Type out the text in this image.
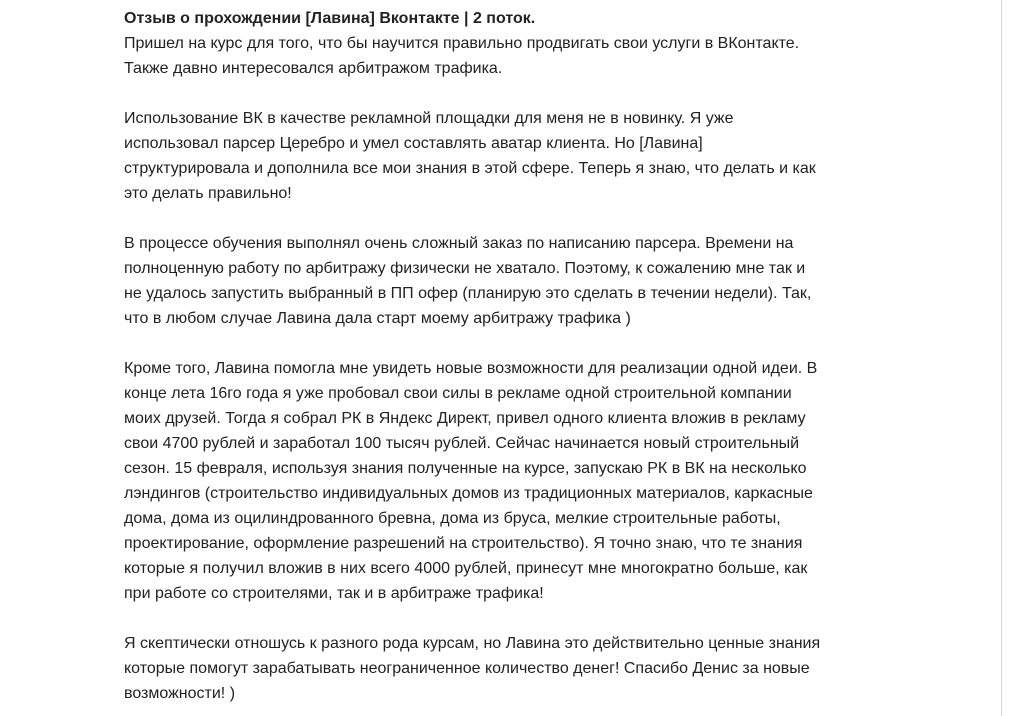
Отзыв о прохождении [Лавина] Вконтакте | 2 поток.

Пришел на курс для того, что бы научится правильно продвигать свои услуги в ВКонтакте.
Также давно интересовался арбитражом трафика.

Использование ВК в качестве рекламной площадки для меня не в новинку. Я уже
использовал парсер Церебро и умел составлять аватар клиента. Но [Лавина]
структурировала и дополнила все мои знания в этой сфере. Теперь я знаю, что делать и как
это делать правильно!

В процессе обучения выполнял очень сложный заказ по написанию парсера. Времени на
полноценную работу по арбитражу физически не хватало. Поэтому, к сожалению мне так и
не удалось запустить выбранный в ПП офер (планирую это сделать в течении недели). Так,
что в любом случае Лавина дала старт моему арбитражу трафика )

Кроме того, Лавина помогла мне увидеть новые возможности для реализации одной идеи. В
конце лета 16го года я уже пробовал свои силы в рекламе одной строительной компании
моих друзей. Тогда я собрал РК в Яндекс Директ, привел одного клиента вложив в рекламу
свои 4700 рублей и заработал 100 тысяч рублей. Сейчас начинается новый строительный
сезон. 15 февраля, используя знания полученные на курсе, запускаю РК в ВК на несколько
лэндингов (строительство индивидуальных домов из традиционных материалов, каркасные
дома, дома из оцилиндрованного бревна, дома из бруса, мелкие строительные работы,
проектирование, оформление разрешений на строительство). Я точно знаю, что те знания
которые я получил вложив в них всего 4000 рублей, принесут мне многократно больше, как
при работе со строителями, так и в арбитраже трафика!

Я скептически отношусь к разного рода курсам, но Лавина это действительно ценные знания
которые помогут зарабатывать неограниченное количество денег! Спасибо Денис за новые
возможности! )
